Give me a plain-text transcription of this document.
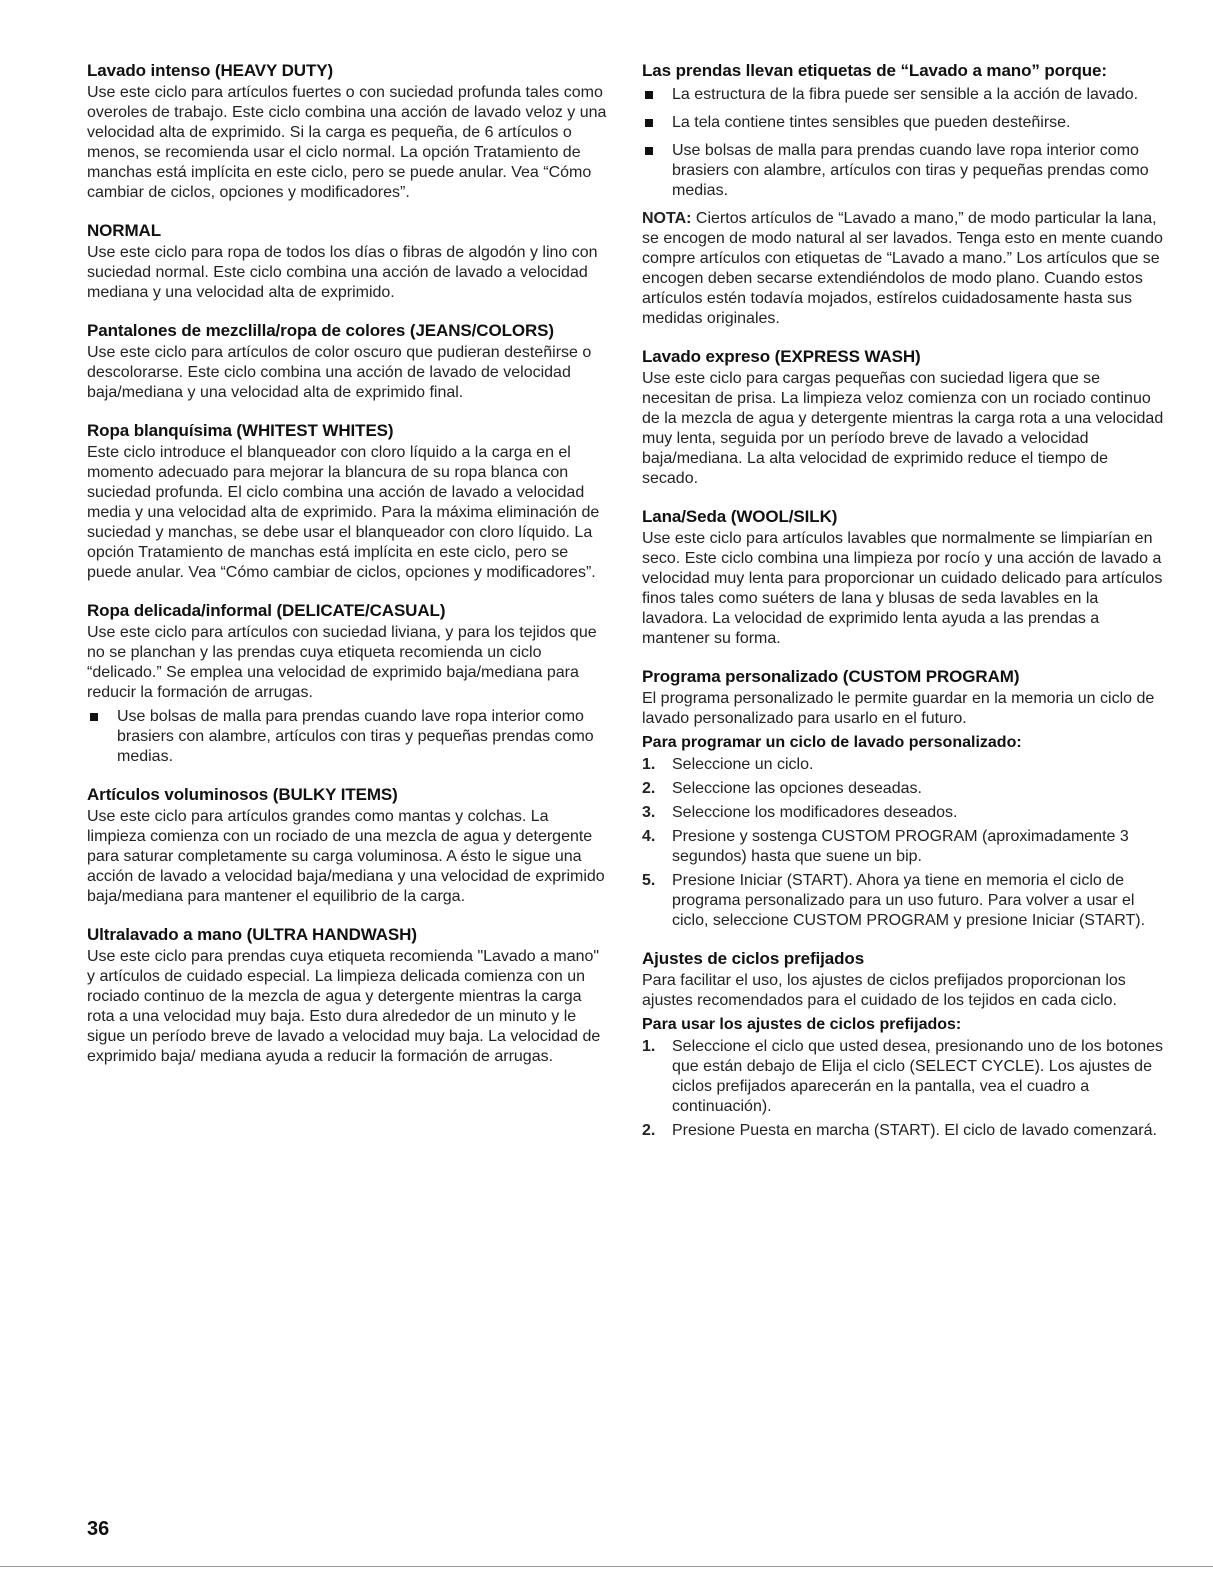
Lavado intenso (HEAVY DUTY)

Use este ciclo para artículos fuertes o con suciedad profunda tales como overoles de trabajo. Este ciclo combina una acción de lavado veloz y una velocidad alta de exprimido. Si la carga es pequeña, de 6 artículos o menos, se recomienda usar el ciclo normal. La opción Tratamiento de manchas está implícita en este ciclo, pero se puede anular. Vea “Cómo cambiar de ciclos, opciones y modificadores”.

NORMAL

Use este ciclo para ropa de todos los días o fibras de algodón y lino con suciedad normal. Este ciclo combina una acción de lavado a velocidad mediana y una velocidad alta de exprimido.

Pantalones de mezclilla/ropa de colores (JEANS/COLORS)

Use este ciclo para artículos de color oscuro que pudieran desteñirse o descolorarse. Este ciclo combina una acción de lavado de velocidad baja/mediana y una velocidad alta de exprimido final.

Ropa blanquísima (WHITEST WHITES)

Este ciclo introduce el blanqueador con cloro líquido a la carga en el momento adecuado para mejorar la blancura de su ropa blanca con suciedad profunda. El ciclo combina una acción de lavado a velocidad media y una velocidad alta de exprimido. Para la máxima eliminación de suciedad y manchas, se debe usar el blanqueador con cloro líquido. La opción Tratamiento de manchas está implícita en este ciclo, pero se puede anular. Vea “Cómo cambiar de ciclos, opciones y modificadores”.

Ropa delicada/informal (DELICATE/CASUAL)

Use este ciclo para artículos con suciedad liviana, y para los tejidos que no se planchan y las prendas cuya etiqueta recomienda un ciclo “delicado.” Se emplea una velocidad de exprimido baja/mediana para reducir la formación de arrugas.

Use bolsas de malla para prendas cuando lave ropa interior como brasiers con alambre, artículos con tiras y pequeñas prendas como medias.
Artículos voluminosos (BULKY ITEMS)

Use este ciclo para artículos grandes como mantas y colchas. La limpieza comienza con un rociado de una mezcla de agua y detergente para saturar completamente su carga voluminosa. A ésto le sigue una acción de lavado a velocidad baja/mediana y una velocidad de exprimido baja/mediana para mantener el equilibrio de la carga.

Ultralavado a mano (ULTRA HANDWASH)

Use este ciclo para prendas cuya etiqueta recomienda "Lavado a mano" y artículos de cuidado especial. La limpieza delicada comienza con un rociado continuo de la mezcla de agua y detergente mientras la carga rota a una velocidad muy baja. Esto dura alrededor de un minuto y le sigue un período breve de lavado a velocidad muy baja. La velocidad de exprimido baja/ mediana ayuda a reducir la formación de arrugas.

Las prendas llevan etiquetas de “Lavado a mano” porque:
La estructura de la fibra puede ser sensible a la acción de lavado.
La tela contiene tintes sensibles que pueden desteñirse.
Use bolsas de malla para prendas cuando lave ropa interior como brasiers con alambre, artículos con tiras y pequeñas prendas como medias.

NOTA: Ciertos artículos de “Lavado a mano,” de modo particular la lana, se encogen de modo natural al ser lavados. Tenga esto en mente cuando compre artículos con etiquetas de “Lavado a mano.” Los artículos que se encogen deben secarse extendiéndolos de modo plano. Cuando estos artículos estén todavía mojados, estírelos cuidadosamente hasta sus medidas originales.

Lavado expreso (EXPRESS WASH)

Use este ciclo para cargas pequeñas con suciedad ligera que se necesitan de prisa. La limpieza veloz comienza con un rociado continuo de la mezcla de agua y detergente mientras la carga rota a una velocidad muy lenta, seguida por un período breve de lavado a velocidad baja/mediana. La alta velocidad de exprimido reduce el tiempo de secado.

Lana/Seda (WOOL/SILK)

Use este ciclo para artículos lavables que normalmente se limpiarían en seco. Este ciclo combina una limpieza por rocío y una acción de lavado a velocidad muy lenta para proporcionar un cuidado delicado para artículos finos tales como suéters de lana y blusas de seda lavables en la lavadora. La velocidad de exprimido lenta ayuda a las prendas a mantener su forma.

Programa personalizado (CUSTOM PROGRAM)

El programa personalizado le permite guardar en la memoria un ciclo de lavado personalizado para usarlo en el futuro.

Para programar un ciclo de lavado personalizado:
1. Seleccione un ciclo.
2. Seleccione las opciones deseadas.
3. Seleccione los modificadores deseados.
4. Presione y sostenga CUSTOM PROGRAM (aproximadamente 3 segundos) hasta que suene un bip.
5. Presione Iniciar (START). Ahora ya tiene en memoria el ciclo de programa personalizado para un uso futuro. Para volver a usar el ciclo, seleccione CUSTOM PROGRAM y presione Iniciar (START).
Ajustes de ciclos prefijados

Para facilitar el uso, los ajustes de ciclos prefijados proporcionan los ajustes recomendados para el cuidado de los tejidos en cada ciclo.

Para usar los ajustes de ciclos prefijados:
1. Seleccione el ciclo que usted desea, presionando uno de los botones que están debajo de Elija el ciclo (SELECT CYCLE). Los ajustes de ciclos prefijados aparecerán en la pantalla, vea el cuadro a continuación).
2. Presione Puesta en marcha (START). El ciclo de lavado comenzará.
36
